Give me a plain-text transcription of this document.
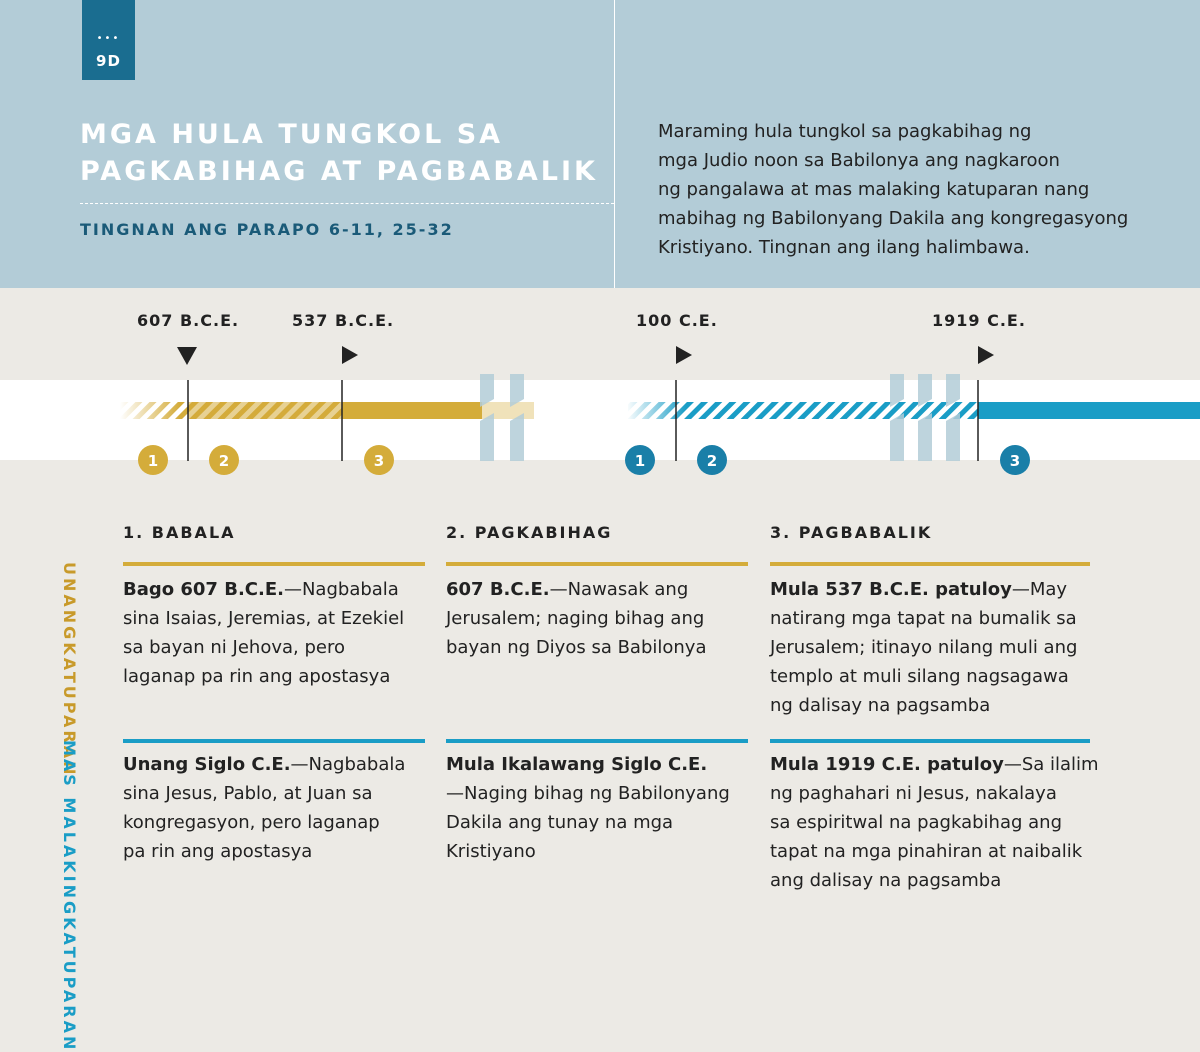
•••
9D
MGA HULA TUNGKOL SA
PAGKABIHAG AT PAGBABALIK
TINGNAN ANG PARAPO 6-11, 25-32
Maraming hula tungkol sa pagkabihag ng
mga Judio noon sa Babilonya ang nagkaroon
ng pangalawa at mas malaking katuparan nang
mabihag ng Babilonyang Dakila ang kongregasyong
Kristiyano. Tingnan ang ilang halimbawa.
607 B.C.E.	537 B.C.E.	100 C.E.	1919 C.E.
1	2	3	1	2	3
1. BABALA	2. PAGKABIHAG	3. PAGBABALIK
UNANGKATUPARAN
MAS MALAKINGKATUPARAN
Bago 607 B.C.E.—Nagbabala
sina Isaias, Jeremias, at Ezekiel
sa bayan ni Jehova, pero
laganap pa rin ang apostasya
607 B.C.E.—Nawasak ang
Jerusalem; naging bihag ang
bayan ng Diyos sa Babilonya
Mula 537 B.C.E. patuloy—May
natirang mga tapat na bumalik sa
Jerusalem; itinayo nilang muli ang
templo at muli silang nagsagawa
ng dalisay na pagsamba
Unang Siglo C.E.—Nagbabala
sina Jesus, Pablo, at Juan sa
kongregasyon, pero laganap
pa rin ang apostasya
Mula Ikalawang Siglo C.E.
—Naging bihag ng Babilonyang
Dakila ang tunay na mga
Kristiyano
Mula 1919 C.E. patuloy—Sa ilalim
ng paghahari ni Jesus, nakalaya
sa espiritwal na pagkabihag ang
tapat na mga pinahiran at naibalik
ang dalisay na pagsamba
